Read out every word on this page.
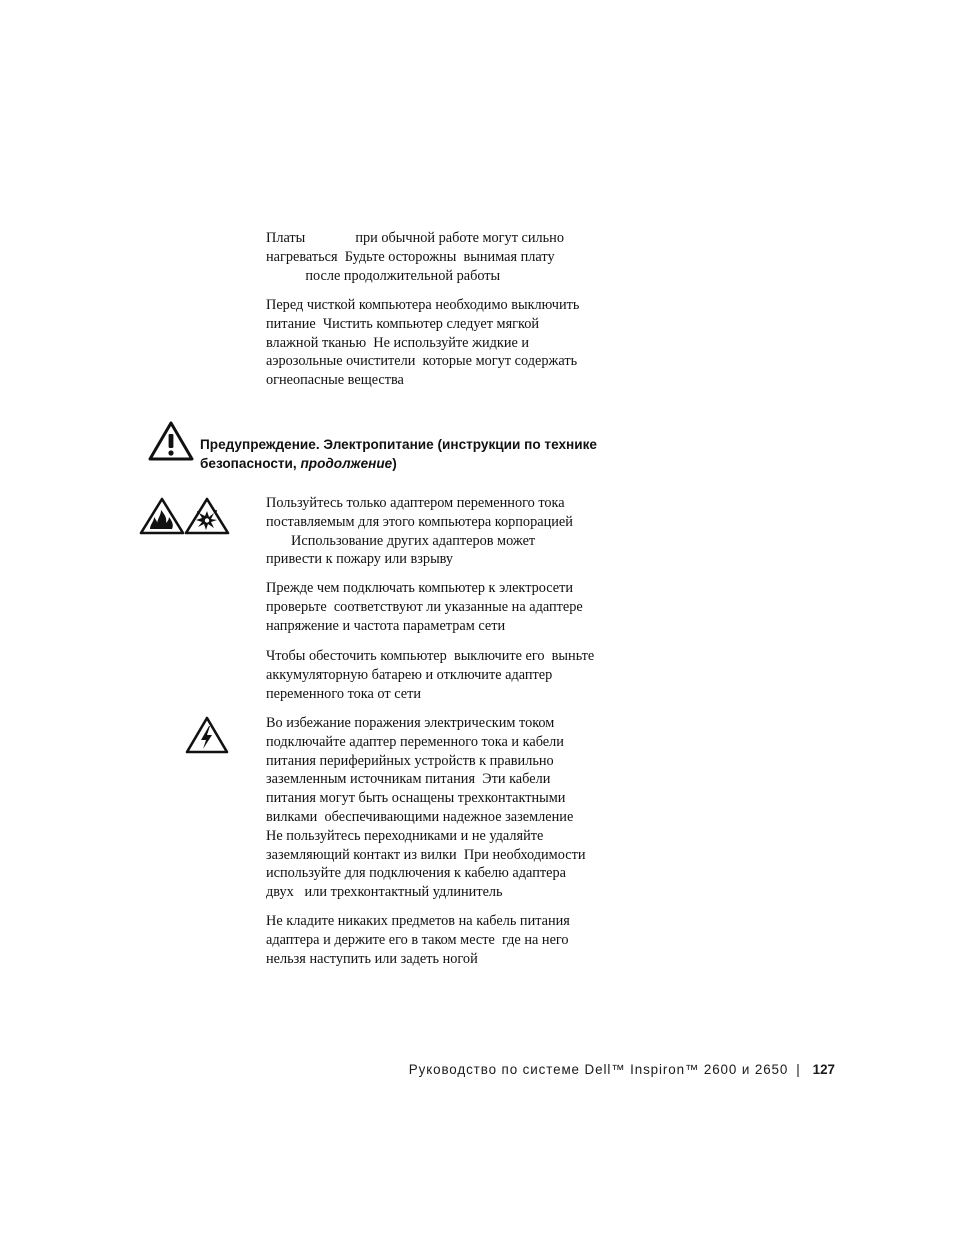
Платы              при обычной работе могут сильно
нагреваться  Будьте осторожны  вынимая плату
после продолжительной работы
Перед чисткой компьютера необходимо выключить
питание  Чистить компьютер следует мягкой
влажной тканью  Не используйте жидкие и
аэрозольные очистители  которые могут содержать
огнеопасные вещества
Предупреждение. Электропитание (инструкции по технике
безопасности, продолжение)
Пользуйтесь только адаптером переменного тока
поставляемым для этого компьютера корпорацией
Использование других адаптеров может
привести к пожару или взрыву
Прежде чем подключать компьютер к электросети
проверьте  соответствуют ли указанные на адаптере
напряжение и частота параметрам сети
Чтобы обесточить компьютер  выключите его  выньте
аккумуляторную батарею и отключите адаптер
переменного тока от сети
Во избежание поражения электрическим током
подключайте адаптер переменного тока и кабели
питания периферийных устройств к правильно
заземленным источникам питания  Эти кабели
питания могут быть оснащены трехконтактными
вилками  обеспечивающими надежное заземление
Не пользуйтесь переходниками и не удаляйте
заземляющий контакт из вилки  При необходимости
используйте для подключения к кабелю адаптера
двух   или трехконтактный удлинитель
Не кладите никаких предметов на кабель питания
адаптера и держите его в таком месте  где на него
нельзя наступить или задеть ногой
Руководство по системе Dell™ Inspiron™ 2600 и 2650 | 127
